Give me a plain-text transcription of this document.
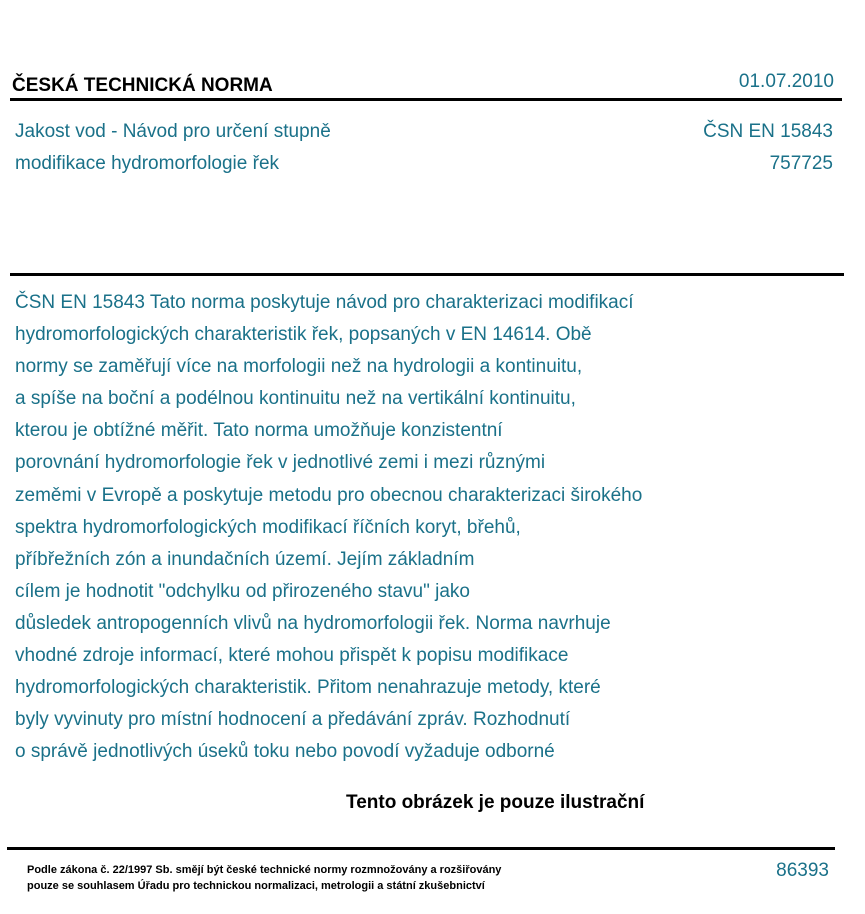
ČESKÁ TECHNICKÁ NORMA	01.07.2010
Jakost vod - Návod pro určení stupně
modifikace hydromorfologie řek
ČSN EN 15843
757725
ČSN EN 15843 Tato norma poskytuje návod pro charakterizaci modifikací
hydromorfologických charakteristik řek, popsaných v EN 14614. Obě
normy se zaměřují více na morfologii než na hydrologii a kontinuitu,
a spíše na boční a podélnou kontinuitu než na vertikální kontinuitu,
kterou je obtížné měřit. Tato norma umožňuje konzistentní
porovnání hydromorfologie řek v jednotlivé zemi i mezi různými
zeměmi v Evropě a poskytuje metodu pro obecnou charakterizaci širokého
spektra hydromorfologických modifikací říčních koryt, břehů,
příbřežních zón a inundačních území. Jejím základním
cílem je hodnotit "odchylku od přirozeného stavu" jako
důsledek antropogenních vlivů na hydromorfologii řek. Norma navrhuje
vhodné zdroje informací, které mohou přispět k popisu modifikace
hydromorfologických charakteristik. Přitom nenahrazuje metody, které
byly vyvinuty pro místní hodnocení a předávání zpráv. Rozhodnutí
o správě jednotlivých úseků toku nebo povodí vyžaduje odborné
Tento obrázek je pouze ilustrační
Podle zákona č. 22/1997 Sb. smějí být české technické normy rozmnožovány a rozšiřovány
pouze se souhlasem Úřadu pro technickou normalizaci, metrologii a státní zkušebnictví
86393
